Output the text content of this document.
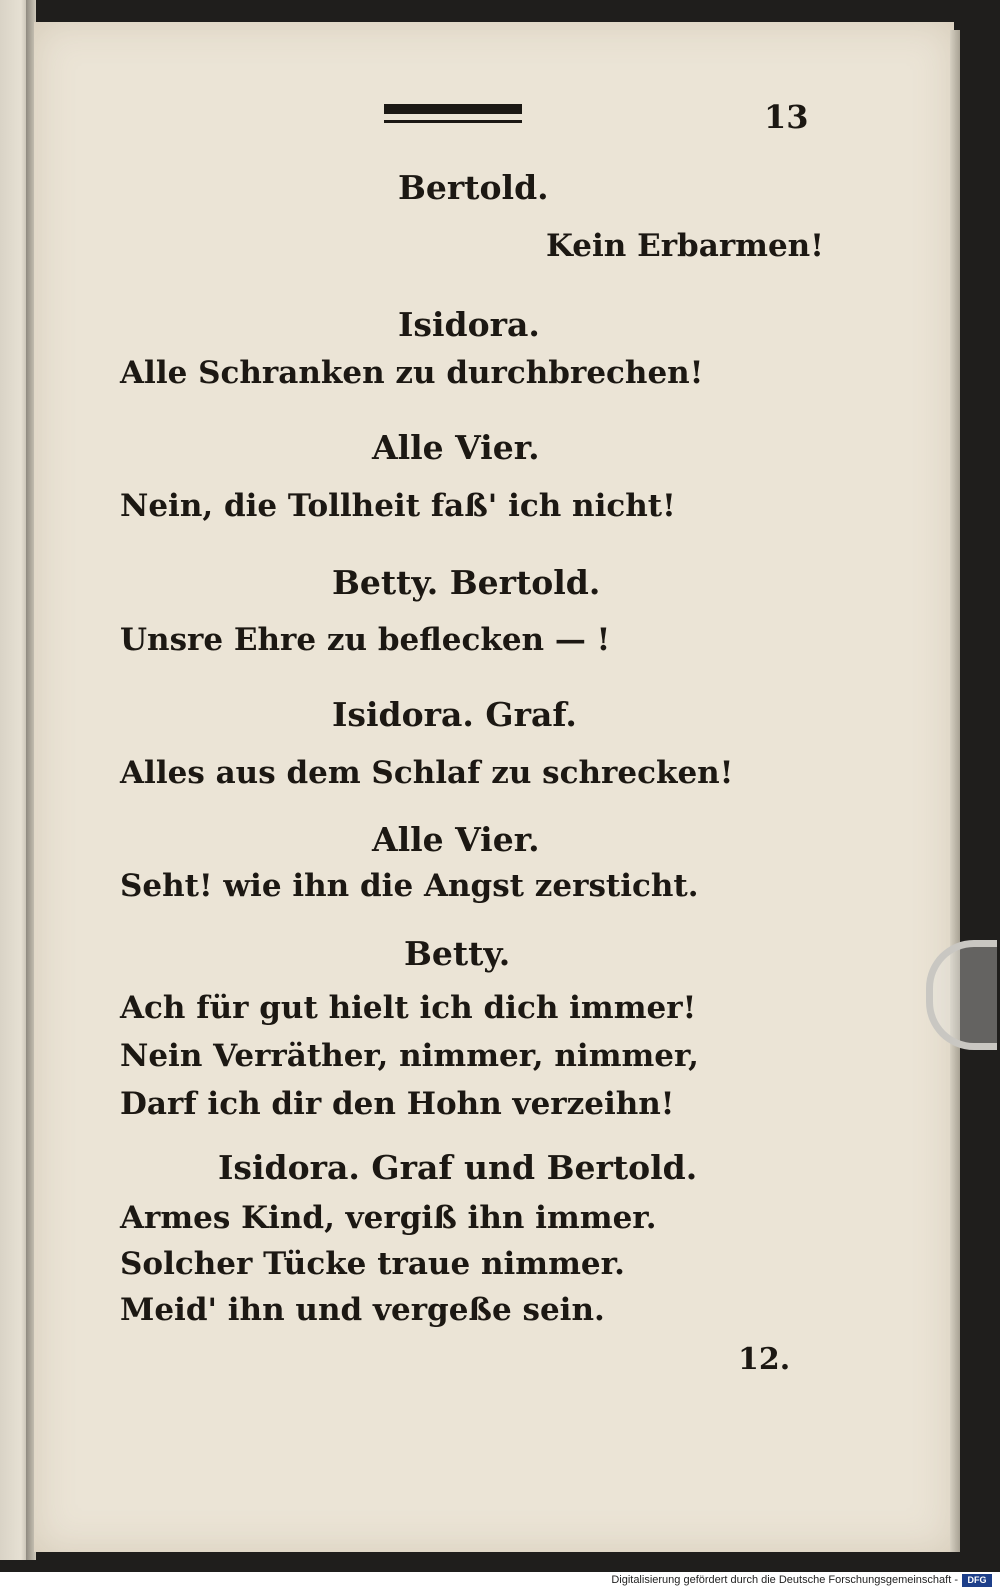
13
Bertold.
Kein Erbarmen!
Isidora.
Alle Schranken zu durchbrechen!
Alle Vier.
Nein, die Tollheit faß' ich nicht!
Betty. Bertold.
Unsre Ehre zu beflecken — !
Isidora. Graf.
Alles aus dem Schlaf zu schrecken!
Alle Vier.
Seht! wie ihn die Angst zersticht.
Betty.
Ach für gut hielt ich dich immer!
Nein Verräther, nimmer, nimmer,
Darf ich dir den Hohn verzeihn!
Isidora. Graf und Bertold.
Armes Kind, vergiß ihn immer.
Solcher Tücke traue nimmer.
Meid' ihn und vergeße sein.
12.
Digitalisierung gefördert durch die Deutsche Forschungsgemeinschaft -	DFG
